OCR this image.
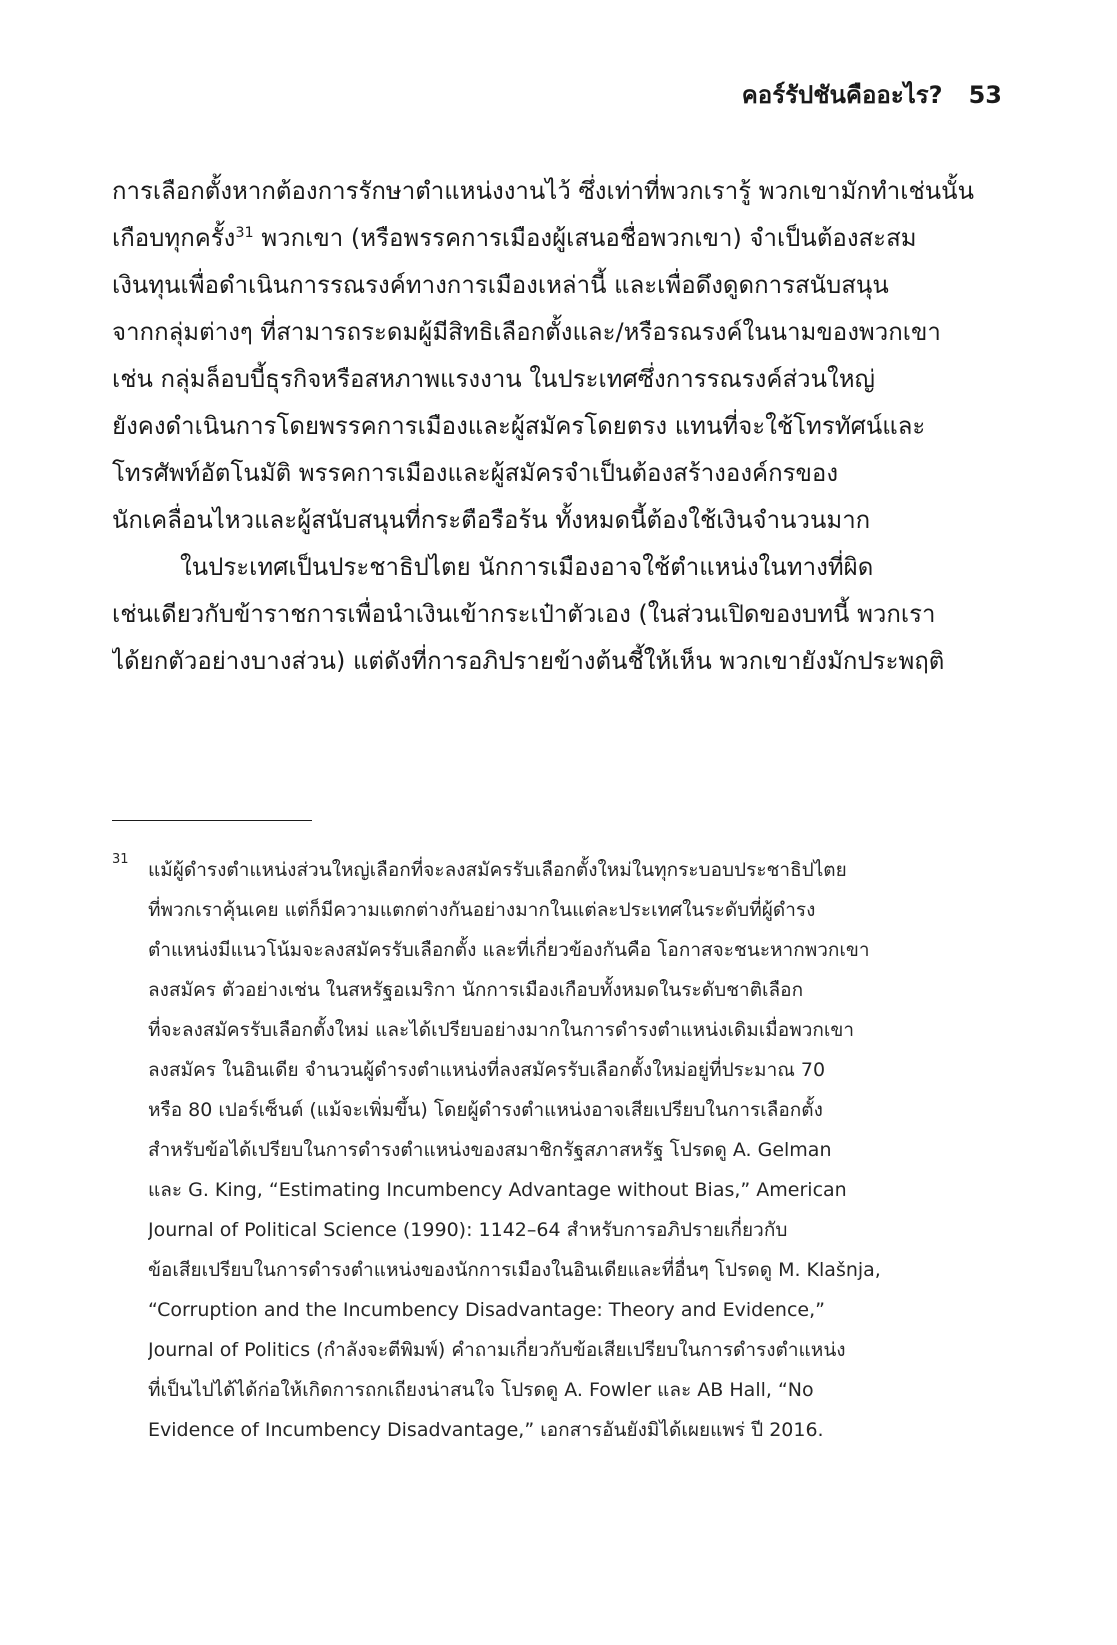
คอร์รัปชันคืออะไร? 53
การเลือกตั้งหากต้องการรักษาตำแหน่งงานไว้ ซึ่งเท่าที่พวกเรารู้ พวกเขามักทำเช่นนั้น
เกือบทุกครั้ง$^{31}$ พวกเขา (หรือพรรคการเมืองผู้เสนอชื่อพวกเขา) จำเป็นต้องสะสม
เงินทุนเพื่อดำเนินการรณรงค์ทางการเมืองเหล่านี้ และเพื่อดึงดูดการสนับสนุน
จากกลุ่มต่างๆ ที่สามารถระดมผู้มีสิทธิเลือกตั้งและ/หรือรณรงค์ในนามของพวกเขา
เช่น กลุ่มล็อบบี้ธุรกิจหรือสหภาพแรงงาน ในประเทศซึ่งการรณรงค์ส่วนใหญ่
ยังคงดำเนินการโดยพรรคการเมืองและผู้สมัครโดยตรง แทนที่จะใช้โทรทัศน์และ
โทรศัพท์อัตโนมัติ พรรคการเมืองและผู้สมัครจำเป็นต้องสร้างองค์กรของ
นักเคลื่อนไหวและผู้สนับสนุนที่กระตือรือร้น ทั้งหมดนี้ต้องใช้เงินจำนวนมาก
ในประเทศเป็นประชาธิปไตย นักการเมืองอาจใช้ตำแหน่งในทางที่ผิด
เช่นเดียวกับข้าราชการเพื่อนำเงินเข้ากระเป๋าตัวเอง (ในส่วนเปิดของบทนี้ พวกเรา
ได้ยกตัวอย่างบางส่วน) แต่ดังที่การอภิปรายข้างต้นชี้ให้เห็น พวกเขายังมักประพฤติ
31 แม้ผู้ดำรงตำแหน่งส่วนใหญ่เลือกที่จะลงสมัครรับเลือกตั้งใหม่ในทุกระบอบประชาธิปไตย
ที่พวกเราคุ้นเคย แต่ก็มีความแตกต่างกันอย่างมากในแต่ละประเทศในระดับที่ผู้ดำรง
ตำแหน่งมีแนวโน้มจะลงสมัครรับเลือกตั้ง และที่เกี่ยวข้องกันคือ โอกาสจะชนะหากพวกเขา
ลงสมัคร ตัวอย่างเช่น ในสหรัฐอเมริกา นักการเมืองเกือบทั้งหมดในระดับชาติเลือก
ที่จะลงสมัครรับเลือกตั้งใหม่ และได้เปรียบอย่างมากในการดำรงตำแหน่งเดิมเมื่อพวกเขา
ลงสมัคร ในอินเดีย จำนวนผู้ดำรงตำแหน่งที่ลงสมัครรับเลือกตั้งใหม่อยู่ที่ประมาณ 70
หรือ 80 เปอร์เซ็นต์ (แม้จะเพิ่มขึ้น) โดยผู้ดำรงตำแหน่งอาจเสียเปรียบในการเลือกตั้ง
สำหรับข้อได้เปรียบในการดำรงตำแหน่งของสมาชิกรัฐสภาสหรัฐ โปรดดู A. Gelman
และ G. King, “Estimating Incumbency Advantage without Bias,” American
Journal of Political Science (1990): 1142–64 สำหรับการอภิปรายเกี่ยวกับ
ข้อเสียเปรียบในการดำรงตำแหน่งของนักการเมืองในอินเดียและที่อื่นๆ โปรดดู M. Klašnja,
“Corruption and the Incumbency Disadvantage: Theory and Evidence,”
Journal of Politics (กำลังจะตีพิมพ์) คำถามเกี่ยวกับข้อเสียเปรียบในการดำรงตำแหน่ง
ที่เป็นไปได้ได้ก่อให้เกิดการถกเถียงน่าสนใจ โปรดดู A. Fowler และ AB Hall, “No
Evidence of Incumbency Disadvantage,” เอกสารอันยังมิได้เผยแพร่ ปี 2016.
